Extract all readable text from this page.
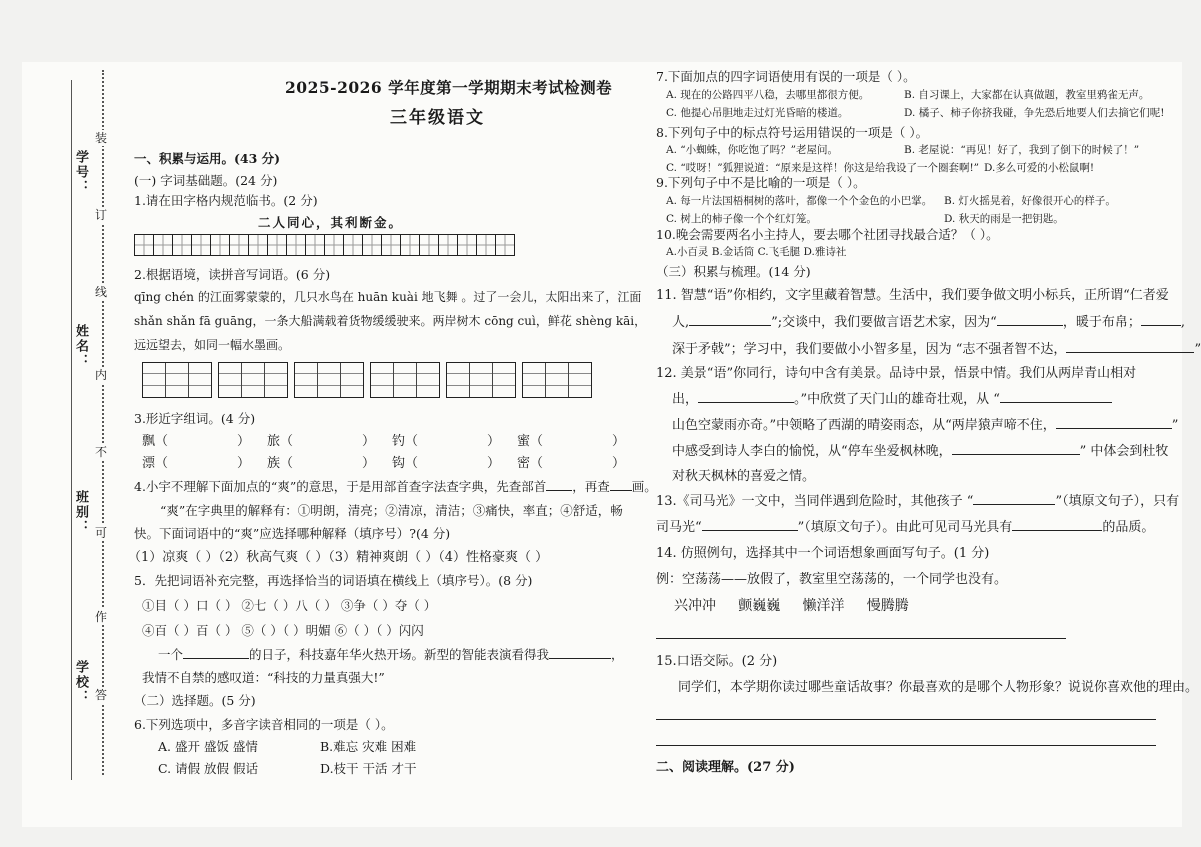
装
订
线
内
不
可
作
答
学号：
姓名：
班别：
学校：
2025-2026 学年度第一学期期末考试检测卷
三年级语文
一、积累与运用。(43 分)
(一) 字词基础题。(24 分)
1.请在田字格内规范临书。(2 分)
二人同心，其利断金。
2.根据语境，读拼音写词语。(6 分)
qīng chén 的江面雾蒙蒙的，几只水鸟在 huān kuài 地飞舞 。过了一会儿，太阳出来了，江面
shǎn shǎn fā guāng，一条大船满载着货物缓缓驶来。两岸树木 cōng cuì，鲜花 shèng kāi，
远远望去，如同一幅水墨画。
3.形近字组词。(4 分)
飘（	） 旅（	） 钓（	） 蜜（	）
漂（	） 族（	） 钩（	） 密（	）
4.小宇不理解下面加点的“爽”的意思，于是用部首查字法查字典，先查部首 ，再查 画。
“爽”在字典里的解释有：①明朗，清亮；②清凉，清洁；③痛快，率直；④舒适，畅
快。下面词语中的“爽”应选择哪种解释（填序号）?(4 分)
（1）凉爽（ ）（2）秋高气爽（ ）（3）精神爽朗（ ）（4）性格豪爽（ ）
5．先把词语补充完整，再选择恰当的词语填在横线上（填序号）。(8 分)
①目（ ）口（ ） ②七（ ）八（ ） ③争（ ）夺（ ）
④百（ ）百（ ） ⑤（ ）（ ）明媚 ⑥（ ）（ ）闪闪
一个	的日子，科技嘉年华火热开场。新型的智能表演看得我	，
我情不自禁的感叹道：“科技的力量真强大!”
（二）选择题。(5 分)
6.下列选项中，多音字读音相同的一项是（ ）。
A. 盛开 盛饭 盛情	B.难忘 灾难 困难
C. 请假 放假 假话	D.枝干 干活 才干
7.下面加点的四字词语使用有误的一项是（ ）。
A. 现在的公路四平八稳，去哪里都很方便。	B. 自习课上，大家都在认真做题，教室里鸦雀无声。
C. 他提心吊胆地走过灯光昏暗的楼道。	D. 橘子、柿子你挤我碰，争先恐后地要人们去摘它们呢!
8.下列句子中的标点符号运用错误的一项是（ ）。
A. “小蜘蛛，你吃饱了吗？”老屋问。	B. 老屋说：“再见！好了，我到了倒下的时候了！”
C. “哎呀！”狐狸说道：“原来是这样！你这是给我设了一个圈套啊!” D.多么可爱的小松鼠啊!
9.下列句子中不是比喻的一项是（ ）。
A. 每一片法国梧桐树的落叶，都像一个个金色的小巴掌。 B. 灯火摇晃着，好像很开心的样子。
C. 树上的柿子像一个个红灯笼。	D. 秋天的雨是一把钥匙。
10.晚会需要两名小主持人，要去哪个社团寻找最合适？（ ）。
A.小百灵 B.金话筒 C.飞毛腿 D.雅诗社
（三）积累与梳理。(14 分)
11. 智慧“语”你相约，文字里藏着智慧。生活中，我们要争做文明小标兵，正所谓“仁者爱
人,	”;交谈中，我们要做言语艺术家，因为“	，暖于布帛；	,
深于矛戟”；学习中，我们要做小小智多星，因为 “志不强者智不达，	”
12. 美景“语”你同行，诗句中含有美景。品诗中景，悟景中情。我们从两岸青山相对
出，	。”中欣赏了天门山的雄奇壮观，从 “
山色空蒙雨亦奇。”中领略了西湖的晴姿雨态，从“两岸猿声啼不住，	”
中感受到诗人李白的愉悦，从“停车坐爱枫林晚，	” 中体会到杜牧
对秋天枫林的喜爱之情。
13.《司马光》一文中，当同伴遇到危险时，其他孩子 “	”（填原文句子），只有
司马光“	”（填原文句子）。由此可见司马光具有	的品质。
14. 仿照例句，选择其中一个词语想象画面写句子。(1 分)
例：空荡荡——放假了，教室里空荡荡的，一个同学也没有。
兴冲冲 颤巍巍 懒洋洋 慢腾腾
15.口语交际。(2 分)
同学们，本学期你读过哪些童话故事？你最喜欢的是哪个人物形象？说说你喜欢他的理由。
二、阅读理解。(27 分)
